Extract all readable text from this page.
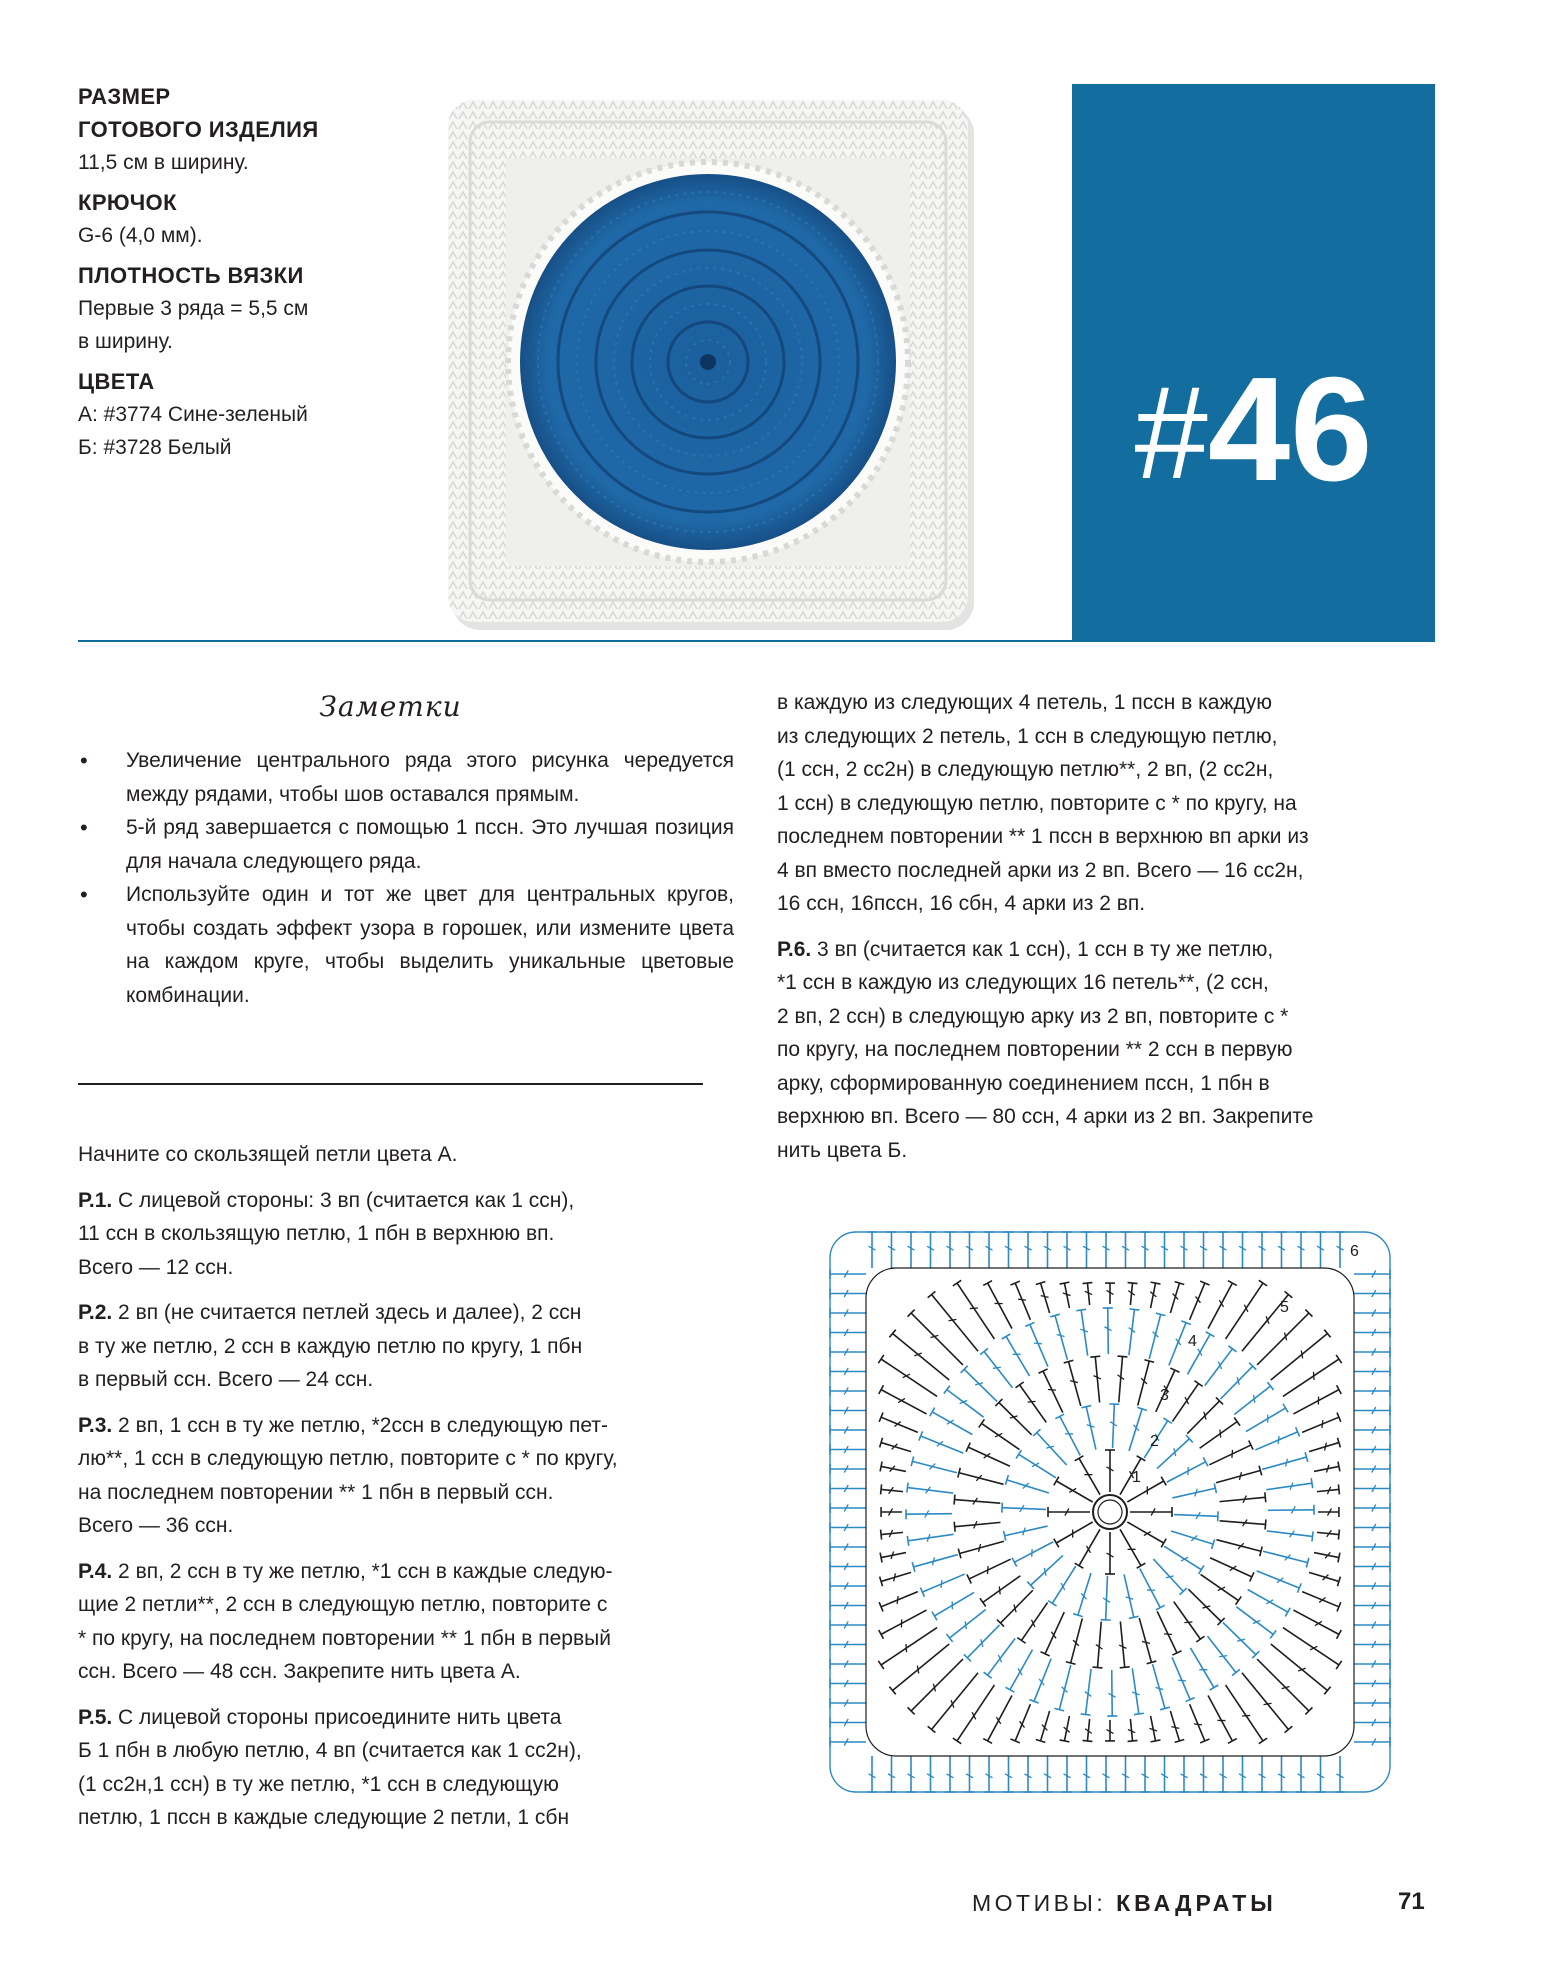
РАЗМЕР
ГОТОВОГО ИЗДЕЛИЯ
11,5 см в ширину.
КРЮЧОК
G-6 (4,0 мм).
ПЛОТНОСТЬ ВЯЗКИ
Первые 3 ряда = 5,5 см
в ширину.
ЦВЕТА
А: #3774 Сине-зеленый
Б: #3728 Белый	#46
Заметки
• Увеличение центрального ряда этого рисунка чередуется между рядами, чтобы шов оставался прямым.
• 5-й ряд завершается с помощью 1 пссн. Это лучшая позиция для начала следующего ряда.
• Используйте один и тот же цвет для центральных кругов, чтобы создать эффект узора в горошек, или измените цвета на каждом круге, чтобы выделить уникальные цветовые комбинации.
Начните со скользящей петли цвета А.
Р.1. С лицевой стороны: 3 вп (считается как 1 ссн),
11 ссн в скользящую петлю, 1 пбн в верхнюю вп.
Всего — 12 ссн.
Р.2. 2 вп (не считается петлей здесь и далее), 2 ссн
в ту же петлю, 2 ссн в каждую петлю по кругу, 1 пбн
в первый ссн. Всего — 24 ссн.
Р.3. 2 вп, 1 ссн в ту же петлю, *2ссн в следующую пет-
лю**, 1 ссн в следующую петлю, повторите с * по кругу,
на последнем повторении ** 1 пбн в первый ссн.
Всего — 36 ссн.
Р.4. 2 вп, 2 ссн в ту же петлю, *1 ссн в каждые следую-
щие 2 петли**, 2 ссн в следующую петлю, повторите с
* по кругу, на последнем повторении ** 1 пбн в первый
ссн. Всего — 48 ссн. Закрепите нить цвета А.
Р.5. С лицевой стороны присоедините нить цвета
Б 1 пбн в любую петлю, 4 вп (считается как 1 сс2н),
(1 сс2н,1 ссн) в ту же петлю, *1 ссн в следующую
петлю, 1 пссн в каждые следующие 2 петли, 1 сбн
в каждую из следующих 4 петель, 1 пссн в каждую
из следующих 2 петель, 1 ссн в следующую петлю,
(1 ссн, 2 сс2н) в следующую петлю**, 2 вп, (2 сс2н,
1 ссн) в следующую петлю, повторите с * по кругу, на
последнем повторении ** 1 пссн в верхнюю вп арки из
4 вп вместо последней арки из 2 вп. Всего — 16 сс2н,
16 ссн, 16пссн, 16 сбн, 4 арки из 2 вп.
Р.6. 3 вп (считается как 1 ссн), 1 ссн в ту же петлю,
*1 ссн в каждую из следующих 16 петель**, (2 ссн,
2 вп, 2 ссн) в следующую арку из 2 вп, повторите с *
по кругу, на последнем повторении ** 2 ссн в первую
арку, сформированную соединением пссн, 1 пбн в
верхнюю вп. Всего — 80 ссн, 4 арки из 2 вп. Закрепите
нить цвета Б.
1
2
3
4
5
6
МОТИВЫ: КВАДРАТЫ	71
